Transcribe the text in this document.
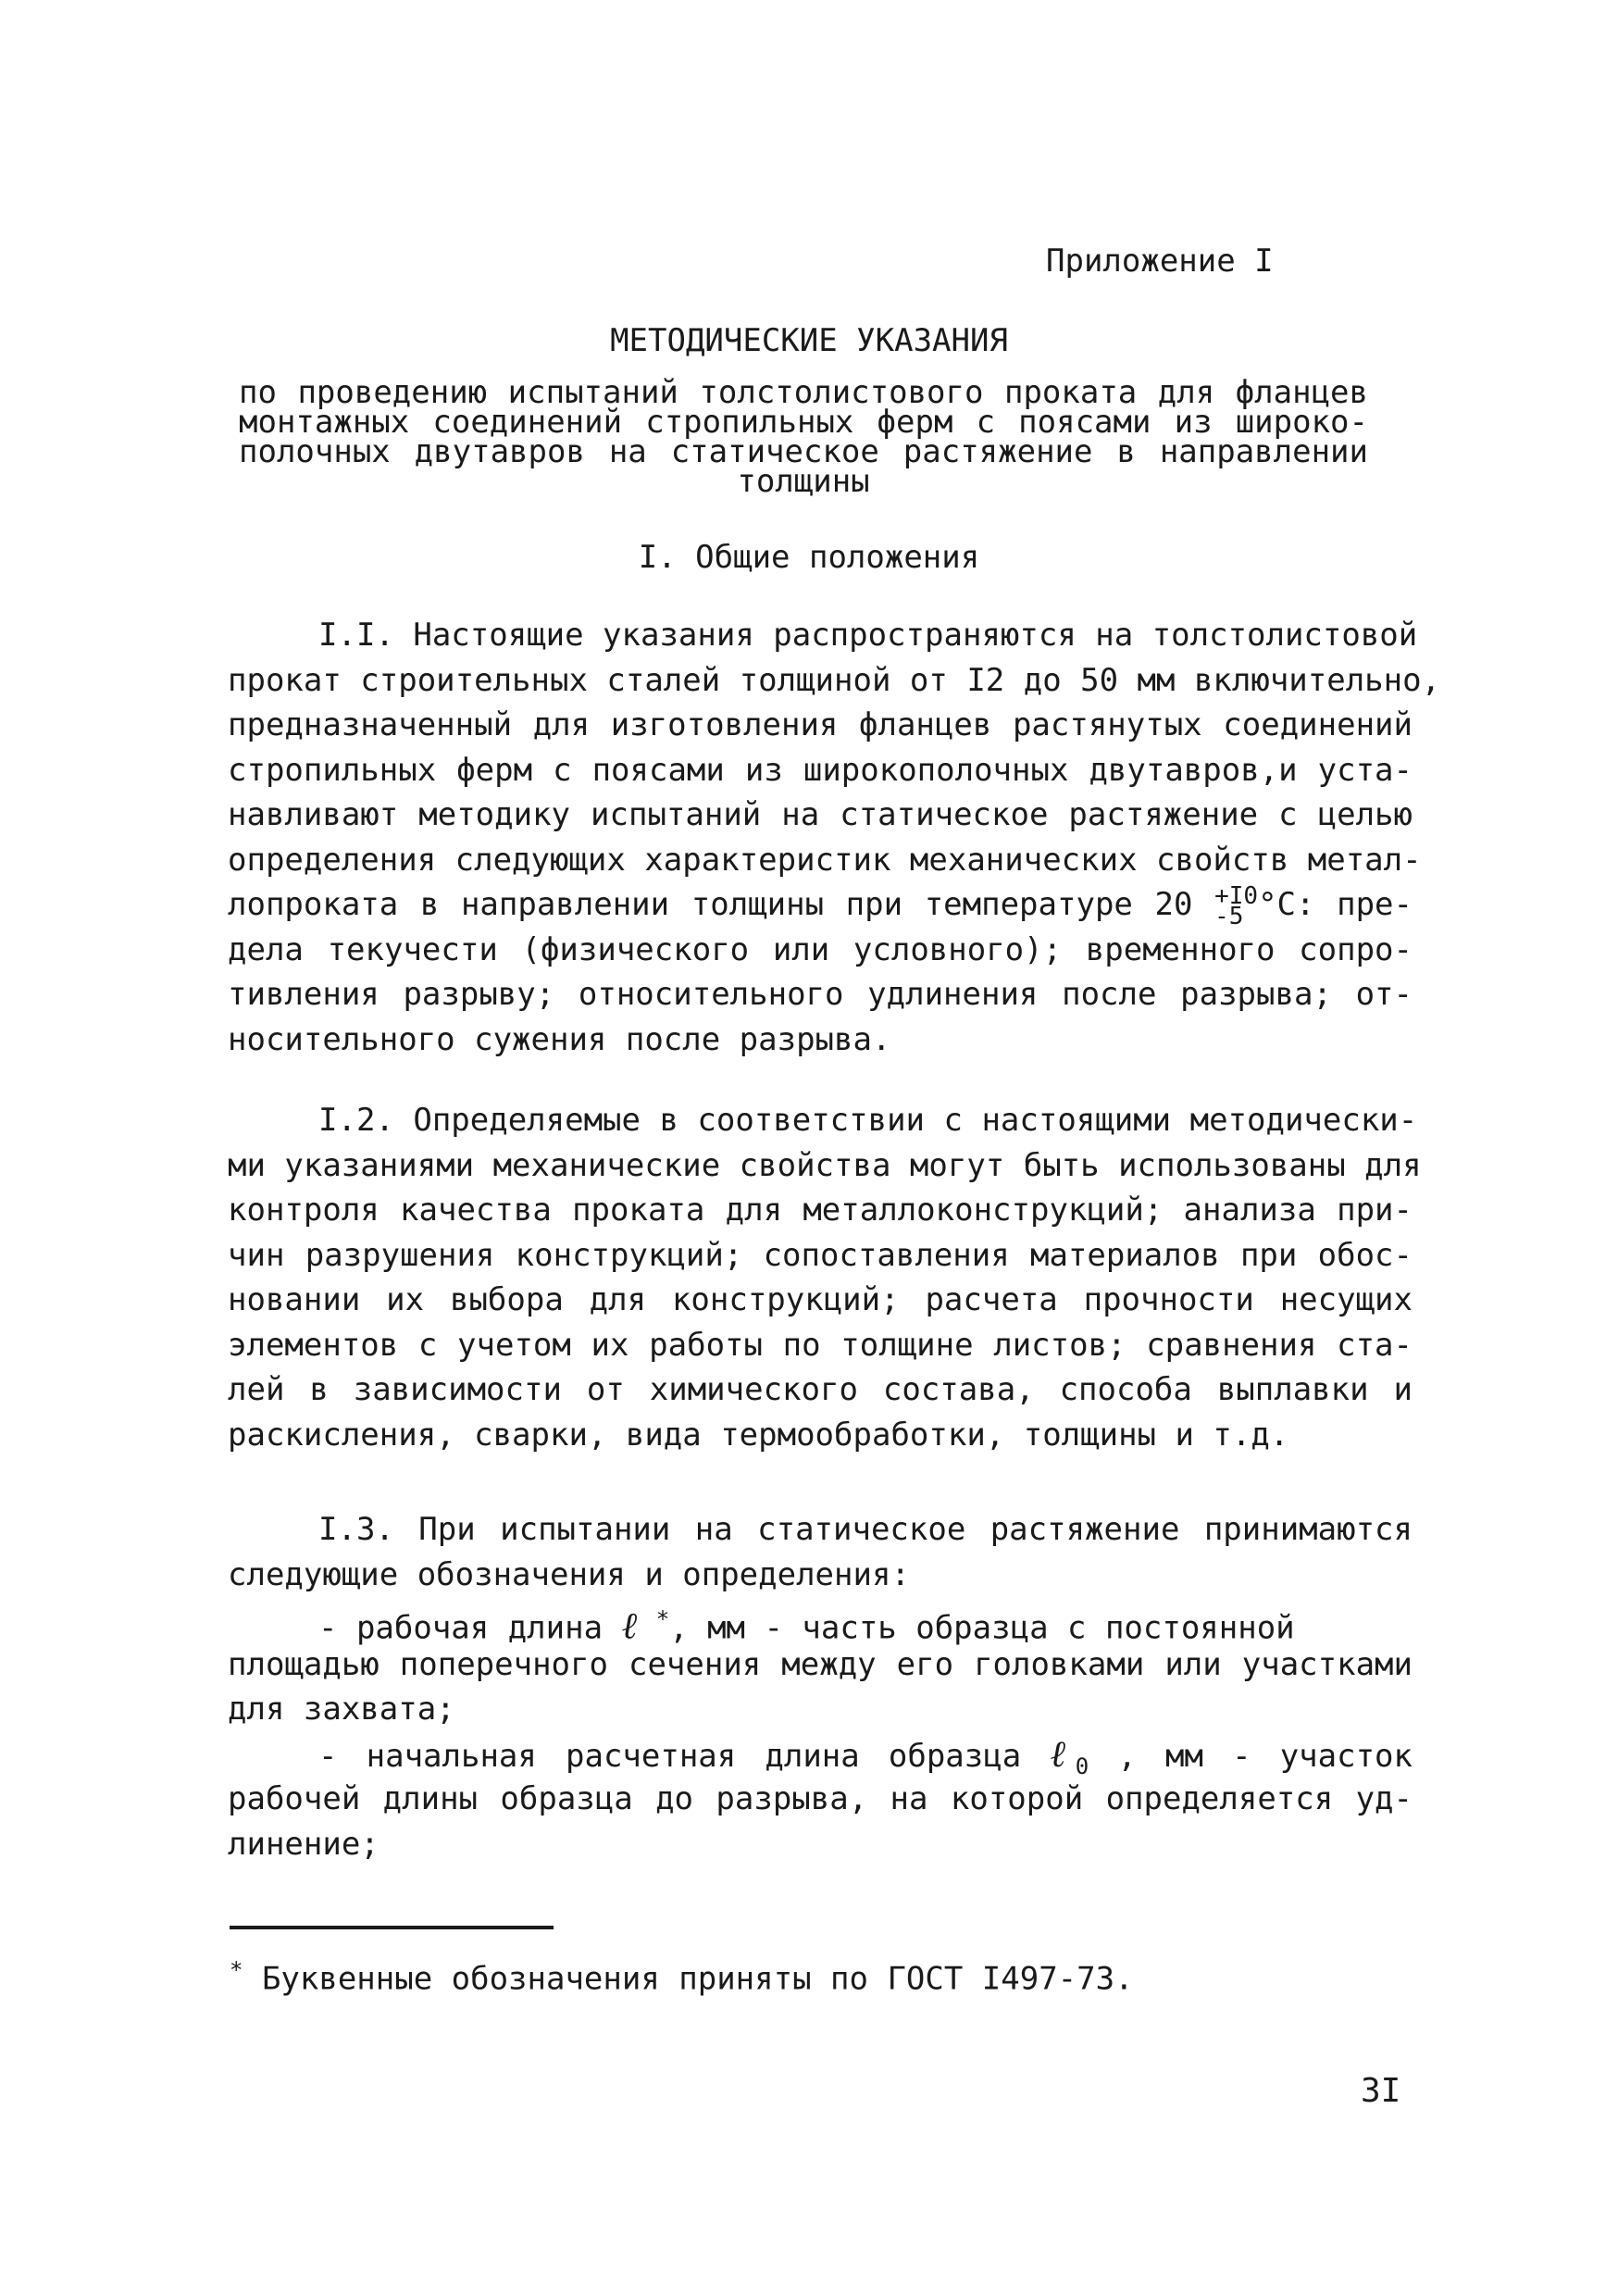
Приложение I
МЕТОДИЧЕСКИЕ УКАЗАНИЯ
по проведению испытаний толстолистового проката для фланцев
монтажных соединений стропильных ферм с поясами из широко-
полочных двутавров на статическое растяжение в направлении
толщины
I. Общие положения
I.I. Настоящие указания распространяются на толстолистовой
прокат строительных сталей толщиной от I2 до 50 мм включительно,
предназначенный для изготовления фланцев растянутых соединений
стропильных ферм с поясами из широкополочных двутавров,и уста-
навливают методику испытаний на статическое растяжение с целью
определения следующих характеристик механических свойств метал-
лопроката в направлении толщины при температуре 20 +I0
-5 °С: пре-
дела текучести (физического или условного); временного сопро-
тивления разрыву; относительного удлинения после разрыва; от-
носительного сужения после разрыва.
I.2. Определяемые в соответствии с настоящими методически-
ми указаниями механические свойства могут быть использованы для
контроля качества проката для металлоконструкций; анализа при-
чин разрушения конструкций; сопоставления материалов при обос-
новании их выбора для конструкций; расчета прочности несущих
элементов с учетом их работы по толщине листов; сравнения ста-
лей в зависимости от химического состава, способа выплавки и
раскисления, сварки, вида термообработки, толщины и т.д.
I.3. При испытании на статическое растяжение принимаются
следующие обозначения и определения:
- рабочая длина ℓ *, мм - часть образца с постоянной
площадью поперечного сечения между его головками или участками
для захвата;
- начальная расчетная длина образца ℓ$_0$ , мм - участок
рабочей длины образца до разрыва, на которой определяется уд-
линение;
* Буквенные обозначения приняты по ГОСТ I497-73.
3I
